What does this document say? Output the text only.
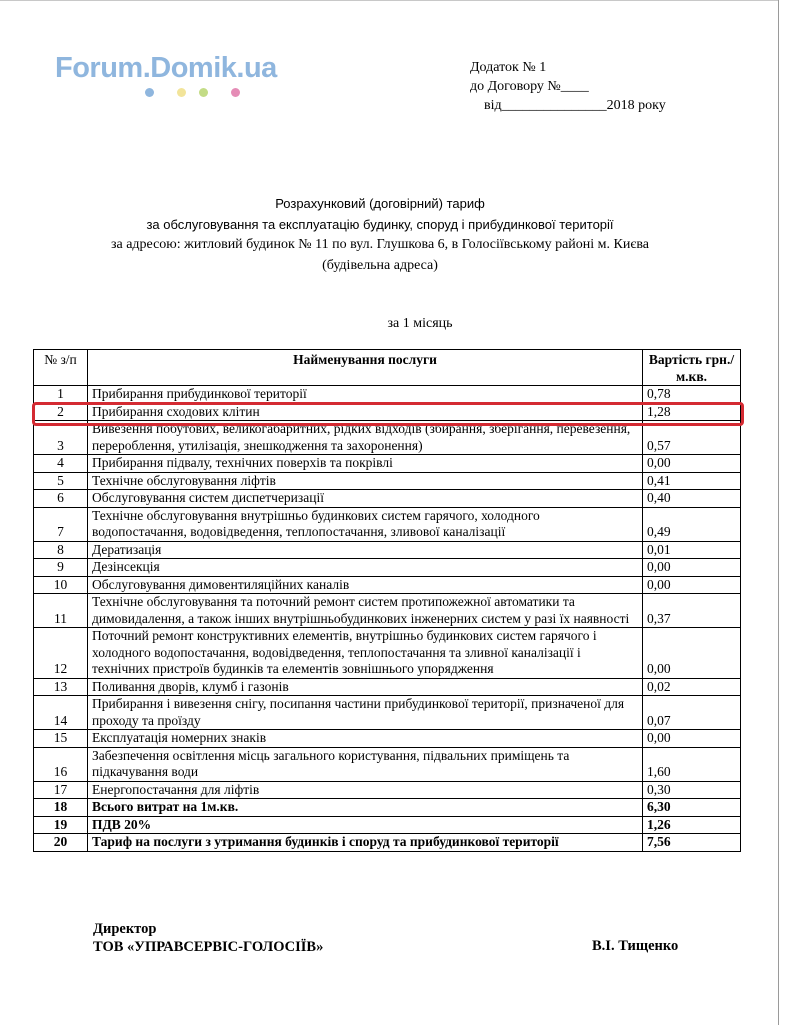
Forum.Domik.ua	Додаток № 1
до Договору №____
від_______________2018 року
Розрахунковий (договірний) тариф
за обслуговування та експлуатацію будинку, споруд і прибудинкової території
за адресою: житловий будинок № 11 по вул. Глушкова 6, в Голосіївському районі м. Києва
(будівельна адреса)
за 1 місяць
№ з/п	Найменування послуги	Вартість грн./м.кв.
1	Прибирання прибудинкової території	0,78
2	Прибирання сходових клітин	1,28
3	Вивезення побутових, великогабаритних, рідких відходів (збирання, зберігання, перевезення, перероблення, утилізація, знешкодження та захоронення)	0,57
4	Прибирання підвалу, технічних поверхів та покрівлі	0,00
5	Технічне обслуговування ліфтів	0,41
6	Обслуговування систем диспетчеризації	0,40
7	Технічне обслуговування внутрішньо будинкових систем гарячого, холодного водопостачання, водовідведення, теплопостачання, зливової каналізації	0,49
8	Дератизація	0,01
9	Дезінсекція	0,00
10	Обслуговування димовентиляційних каналів	0,00
11	Технічне обслуговування та поточний ремонт систем протипожежної автоматики та димовидалення, а також інших внутрішньобудинкових інженерних систем у разі їх наявності	0,37
12	Поточний ремонт конструктивних елементів, внутрішньо будинкових систем гарячого і холодного водопостачання, водовідведення, теплопостачання та зливної каналізації і технічних пристроїв будинків та елементів зовнішнього упорядження	0,00
13	Поливання дворів, клумб і газонів	0,02
14	Прибирання і вивезення снігу, посипання частини прибудинкової території, призначеної для проходу та проїзду	0,07
15	Експлуатація номерних знаків	0,00
16	Забезпечення освітлення місць загального користування, підвальних приміщень та підкачування води	1,60
17	Енергопостачання для ліфтів	0,30
18	Всього витрат на 1м.кв.	6,30
19	ПДВ 20%	1,26
20	Тариф на послуги з утримання будинків і споруд та прибудинкової території	7,56
Директор
ТОВ «УПРАВСЕРВІС-ГОЛОСІЇВ»	В.І. Тищенко
